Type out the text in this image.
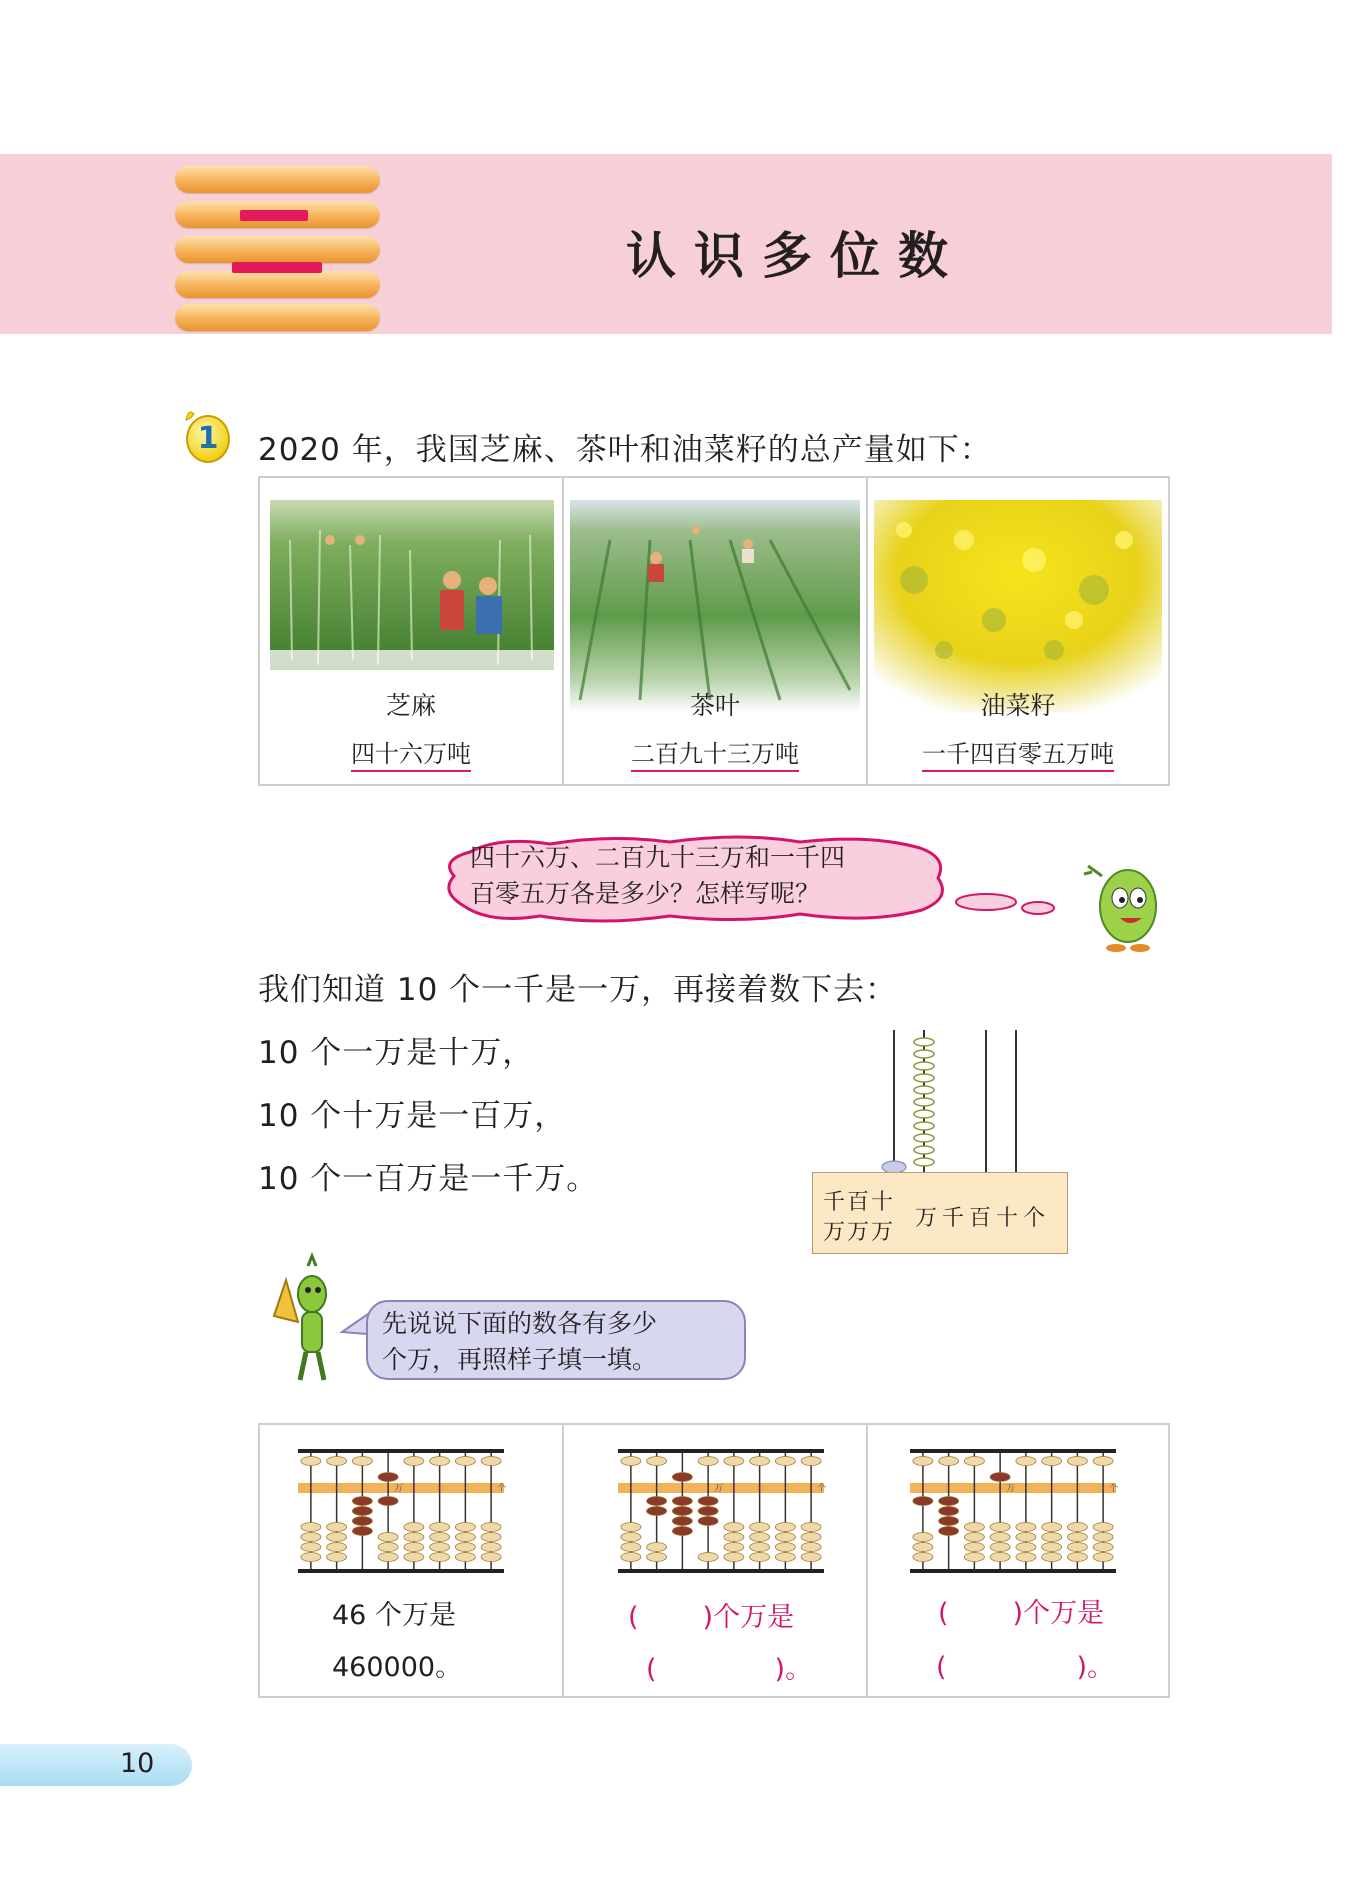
认识多位数
1	2020 年，我国芝麻、茶叶和油菜籽的总产量如下：
芝麻
四十六万吨
茶叶
二百九十三万吨
油菜籽
一千四百零五万吨
四十六万、二百九十三万和一千四
百零五万各是多少？怎样写呢？
我们知道 10 个一千是一万，再接着数下去：
10 个一万是十万，
10 个十万是一百万，
10 个一百万是一千万。
千百十
万万万
万千百十个
先说说下面的数各有多少
个万，再照样子填一填。
万	个	万	个	万	个
46 个万是
460000。
( )个万是
(	)。
( )个万是
(	)。
10
